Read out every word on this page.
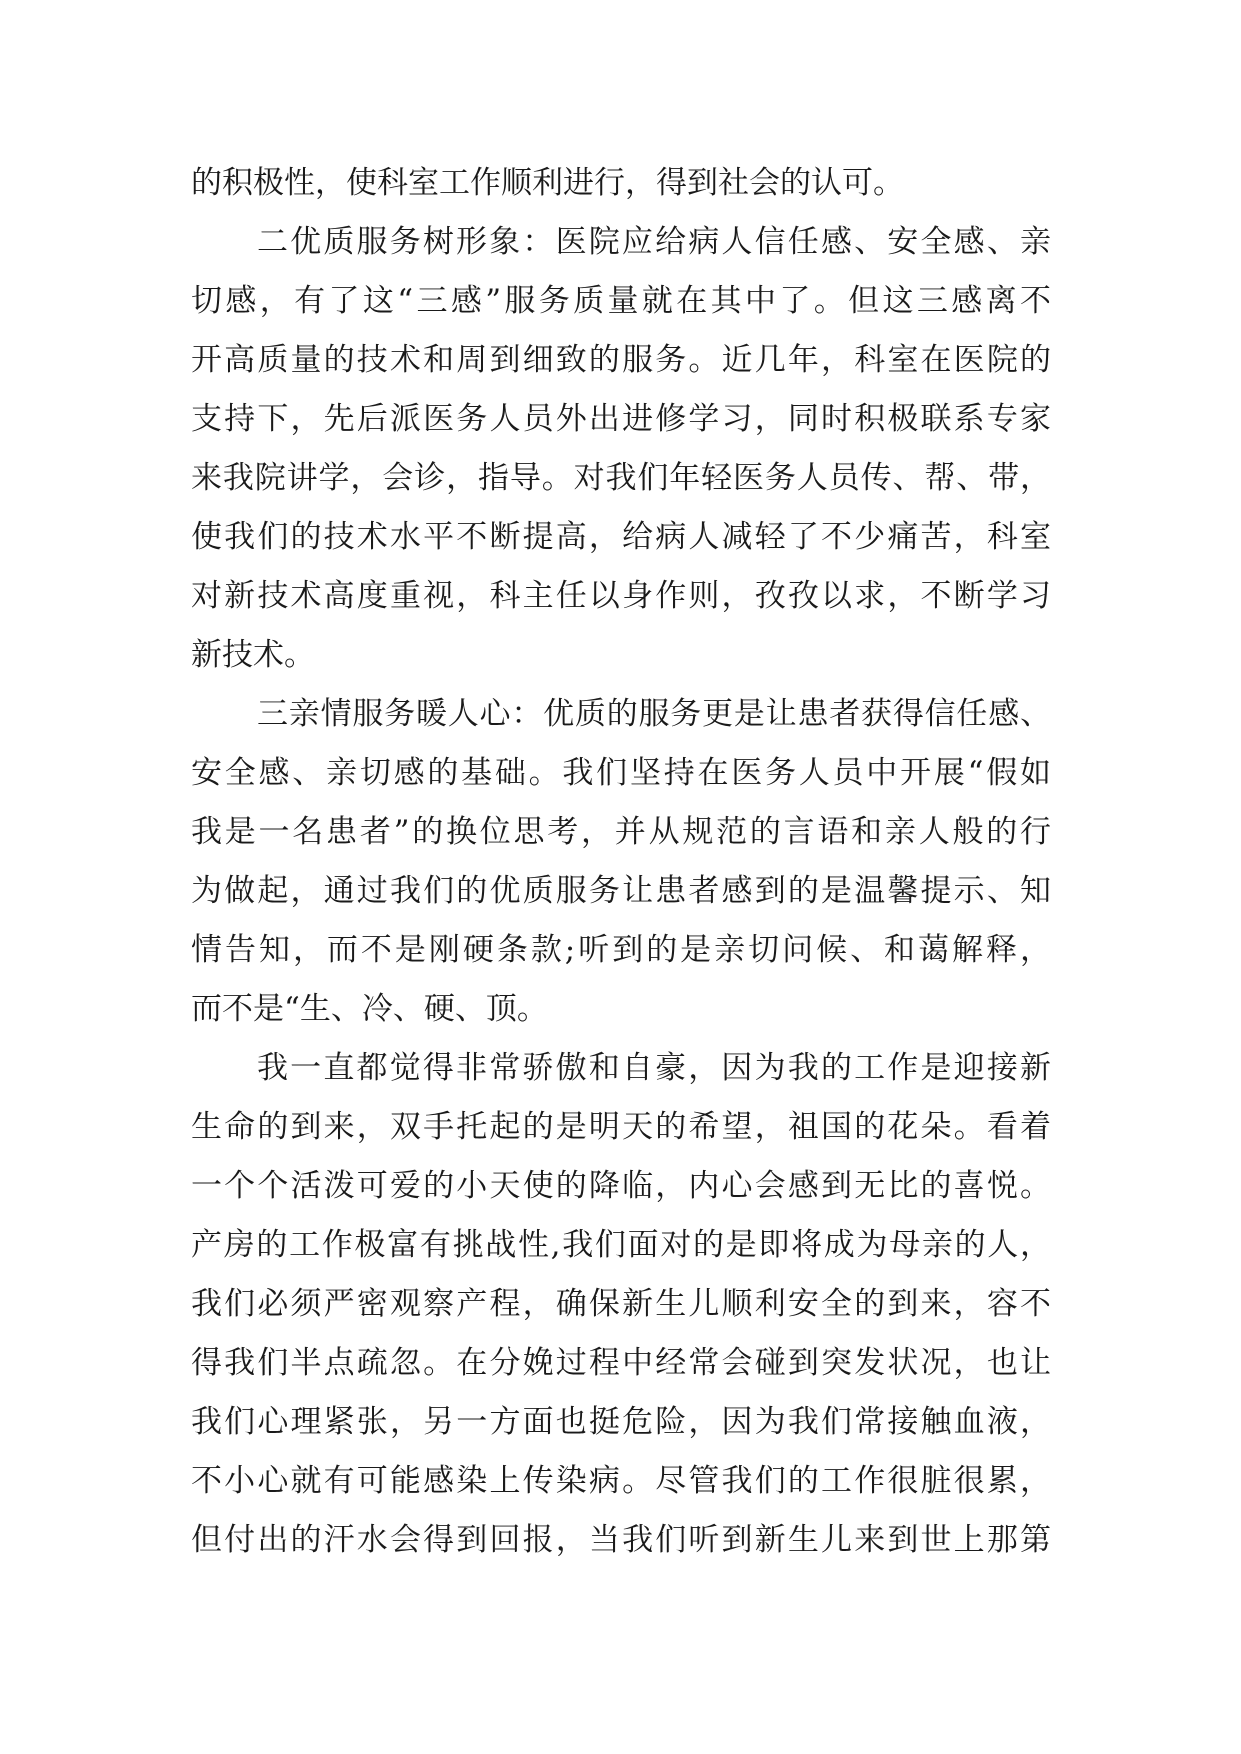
的积极性，使科室工作顺利进行，得到社会的认可。
二优质服务树形象：医院应给病人信任感、安全感、亲
切感，有了这“三感”服务质量就在其中了。但这三感离不
开高质量的技术和周到细致的服务。近几年，科室在医院的
支持下，先后派医务人员外出进修学习，同时积极联系专家
来我院讲学，会诊，指导。对我们年轻医务人员传、帮、带，
使我们的技术水平不断提高，给病人减轻了不少痛苦，科室
对新技术高度重视，科主任以身作则，孜孜以求，不断学习
新技术。
三亲情服务暖人心：优质的服务更是让患者获得信任感、
安全感、亲切感的基础。我们坚持在医务人员中开展“假如
我是一名患者”的换位思考，并从规范的言语和亲人般的行
为做起，通过我们的优质服务让患者感到的是温馨提示、知
情告知，而不是刚硬条款;听到的是亲切问候、和蔼解释，
而不是“生、冷、硬、顶。
我一直都觉得非常骄傲和自豪，因为我的工作是迎接新
生命的到来，双手托起的是明天的希望，祖国的花朵。看着
一个个活泼可爱的小天使的降临，内心会感到无比的喜悦。
产房的工作极富有挑战性,我们面对的是即将成为母亲的人，
我们必须严密观察产程，确保新生儿顺利安全的到来，容不
得我们半点疏忽。在分娩过程中经常会碰到突发状况，也让
我们心理紧张，另一方面也挺危险，因为我们常接触血液，
不小心就有可能感染上传染病。尽管我们的工作很脏很累，
但付出的汗水会得到回报，当我们听到新生儿来到世上那第
